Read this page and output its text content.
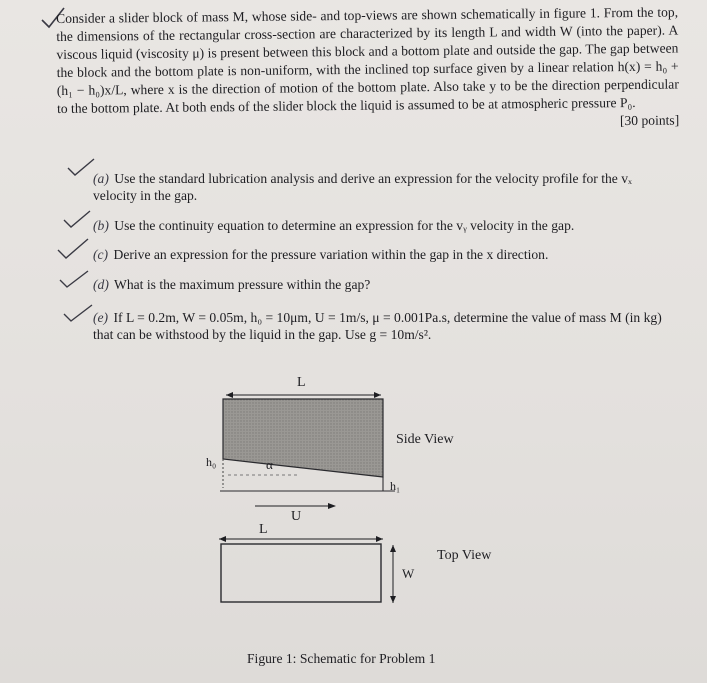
Consider a slider block of mass M, whose side- and top-views are shown schematically in figure 1. From the top, the dimensions of the rectangular cross-section are characterized by its length L and width W (into the paper). A viscous liquid (viscosity μ) is present between this block and a bottom plate and outside the gap. The gap between the block and the bottom plate is non-uniform, with the inclined top surface given by a linear relation h(x) = h₀ + (h₁ − h₀)x/L, where x is the direction of motion of the bottom plate. Also take y to be the direction perpendicular to the bottom plate. At both ends of the slider block the liquid is assumed to be at atmospheric pressure P₀.
[30 points]
(a) Use the standard lubrication analysis and derive an expression for the velocity profile for the vₓ velocity in the gap.
(b) Use the continuity equation to determine an expression for the vᵧ velocity in the gap.
(c) Derive an expression for the pressure variation within the gap in the x direction.
(d) What is the maximum pressure within the gap?
(e) If L = 0.2m, W = 0.05m, h₀ = 10μm, U = 1m/s, μ = 0.001Pa.s, determine the value of mass M (in kg) that can be withstood by the liquid in the gap. Use g = 10m/s².
L
Side View
h₀	α
h₁
U
L
W
Top View
Figure 1: Schematic for Problem 1
